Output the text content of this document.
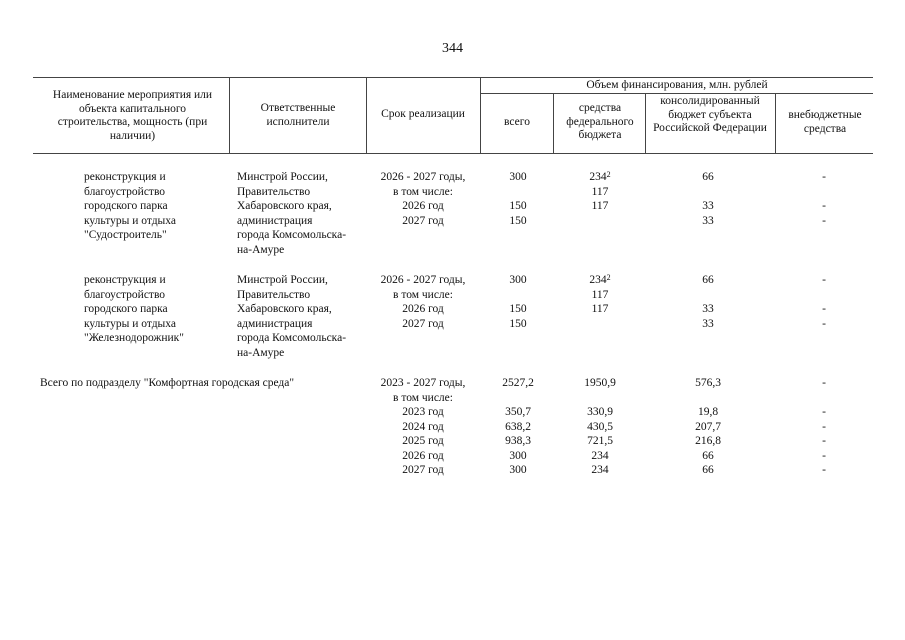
344
Наименование мероприятия или объекта капитального строительства, мощность (при наличии)
Ответственные исполнители
Срок реализации
Объем финансирования, млн. рублей
всего
средства федерального бюджета
консолидированный бюджет субъекта Российской Федерации
внебюджетные средства
реконструкция и
благоустройство
городского парка
культуры и отдыха
"Судостроитель"
Минстрой России,
Правительство
Хабаровского края,
администрация
города Комсомольска-
на-Амуре
2026 - 2027 годы,
в том числе:
2026 год
2027 год
300

150
150
$234^2$
117
117
66

33
33
-

-
-
реконструкция и
благоустройство
городского парка
культуры и отдыха
"Железнодорожник"
Минстрой России,
Правительство
Хабаровского края,
администрация
города Комсомольска-
на-Амуре
2026 - 2027 годы,
в том числе:
2026 год
2027 год
300

150
150
$234^2$
117
117
66

33
33
-

-
-
Всего по подразделу "Комфортная городская среда"	2023 - 2027 годы,
в том числе:
2023 год
2024 год
2025 год
2026 год
2027 год
2527,2

350,7
638,2
938,3
300
300
1950,9

330,9
430,5
721,5
234
234
576,3

19,8
207,7
216,8
66
66
-

-
-
-
-
-
